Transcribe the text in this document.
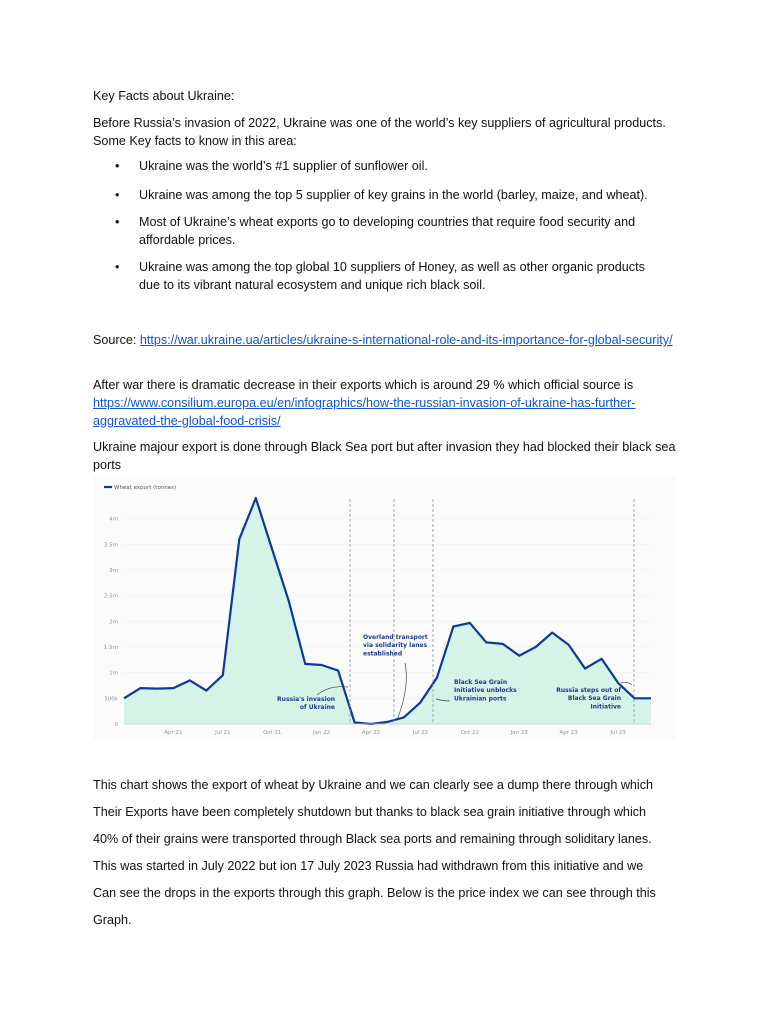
Key Facts about Ukraine:

Before Russia’s invasion of 2022, Ukraine was one of the world’s key suppliers of agricultural products. Some Key facts to know in this area:

• Ukraine was the world’s #1 supplier of sunflower oil.
• Ukraine was among the top 5 supplier of key grains in the world (barley, maize, and wheat).
• Most of Ukraine’s wheat exports go to developing countries that require food security and affordable prices.
• Ukraine was among the top global 10 suppliers of Honey, as well as other organic products due to its vibrant natural ecosystem and unique rich black soil.

Source: https://war.ukraine.ua/articles/ukraine-s-international-role-and-its-importance-for-global-security/

After war there is dramatic decrease in their exports which is around 29 % which official source is https://www.consilium.europa.eu/en/infographics/how-the-russian-invasion-of-ukraine-has-further-aggravated-the-global-food-crisis/

Ukraine majour export is done through Black Sea port but after invasion they had blocked their black sea ports

This chart shows the export of wheat by Ukraine and we can clearly see a dump there through which

Their Exports have been completely shutdown but thanks to black sea grain initiative through which

40% of their grains were transported through Black sea ports and remaining through soliditary lanes.

This was started in July 2022 but ion 17 July 2023 Russia had withdrawn from this initiative and we

Can see the drops in the exports through this graph. Below is the price index we can see through this

Graph.

0
500k
1m
1.5m
2m
2.5m
3m
3.5m
4m
Apr 21	Jul 21	Oct 21	Jan 22	Apr 22	Jul 22	Oct 22	Jan 23	Apr 23	Jul 23
Wheat export (tonnes)
Russia's invasion
of Ukraine
Overland transport
via solidarity lanes
established
Black Sea Grain
Initiative unblocks
Ukrainian ports
Russia steps out of
Black Sea Grain
Initiative
